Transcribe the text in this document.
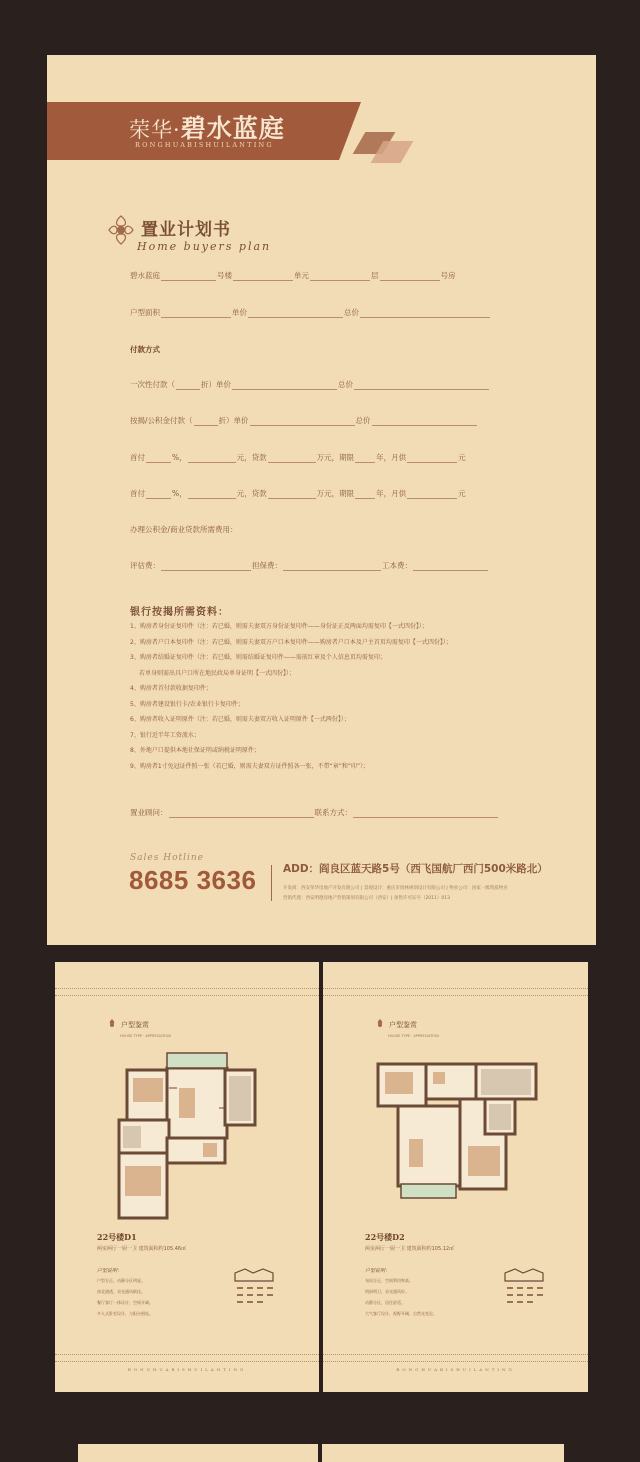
荣华·碧水蓝庭
RONGHUABISHUILANTING
置业计划书
Home buyers plan
碧水蓝庭	号楼	单元	层	号房
户型面积	单价	总价
付款方式
一次性付款（	折）单价	总价
按揭/公积金付款（	折）单价	总价
首付	%，	元，贷款	万元，期限	年，月供	元
首付	%，	元，贷款	万元，期限	年，月供	元
办理公积金/商业贷款所需费用：
评估费：	担保费：	工本费：
银行按揭所需资料：
1、购房者身份证复印件（注：若已婚，则需夫妻双方身份证复印件——身份证正反两面均需复印【一式四份】）；
2、购房者户口本复印件（注：若已婚，则需夫妻双方户口本复印件——购房者户口本及户主首页均需复印【一式四份】）；
3、购房者结婚证复印件（注：若已婚，则需结婚证复印件——需前红章及个人信息页均需复印；
若单身则需出具户口所在地民政局单身证明【一式四份】）；
4、购房者首付款收据复印件；
5、购房者建设银行卡/农业银行卡复印件；
6、购房者收入证明原件（注：若已婚，则需夫妻双方收入证明原件【一式两份】）；
7、银行近半年工资流水；
8、外地户口提供本地社保证明或纳税证明原件；
9、购房者1寸免冠证件照一张（若已婚，则需夫妻双方证件照各一张，不带“章”和“印”）；
置业顾问：	联系方式：
Sales Hotline
8685 3636	ADD：阎良区蓝天路5号（西飞国航厂西门500米路北）
开发商：西安荣华房地产开发有限公司 | 景观设计：重庆市园林规划设计有限公司 | 物业公司：国家一级资质物业
营销代理：西安明德房地产营销策划有限公司（西安）| 预售许可证号（2011）013
户型鉴赏
HOUSE TYPE · APPRECIATION
22号楼D1
两室两厅一厨一卫 建筑面积约105.46㎡
户型说明：
户型方正，动静分区明显。
南北通透，采光通风极佳。
餐厅客厅一体设计，空间开阔。
多人式卧室设计，与阳台相连。
RONGHUABISHUILANTING
户型鉴赏
HOUSE TYPE · APPRECIATION
22号楼D2
两室两厅一厨一卫 建筑面积约105.12㎡
户型说明：
布局方正，空间利用率高。
明厨明卫，采光通风好。
动静分区，居住舒适。
大气客厅设计，视野开阔，自然光充足。
RONGHUABISHUILANTING
